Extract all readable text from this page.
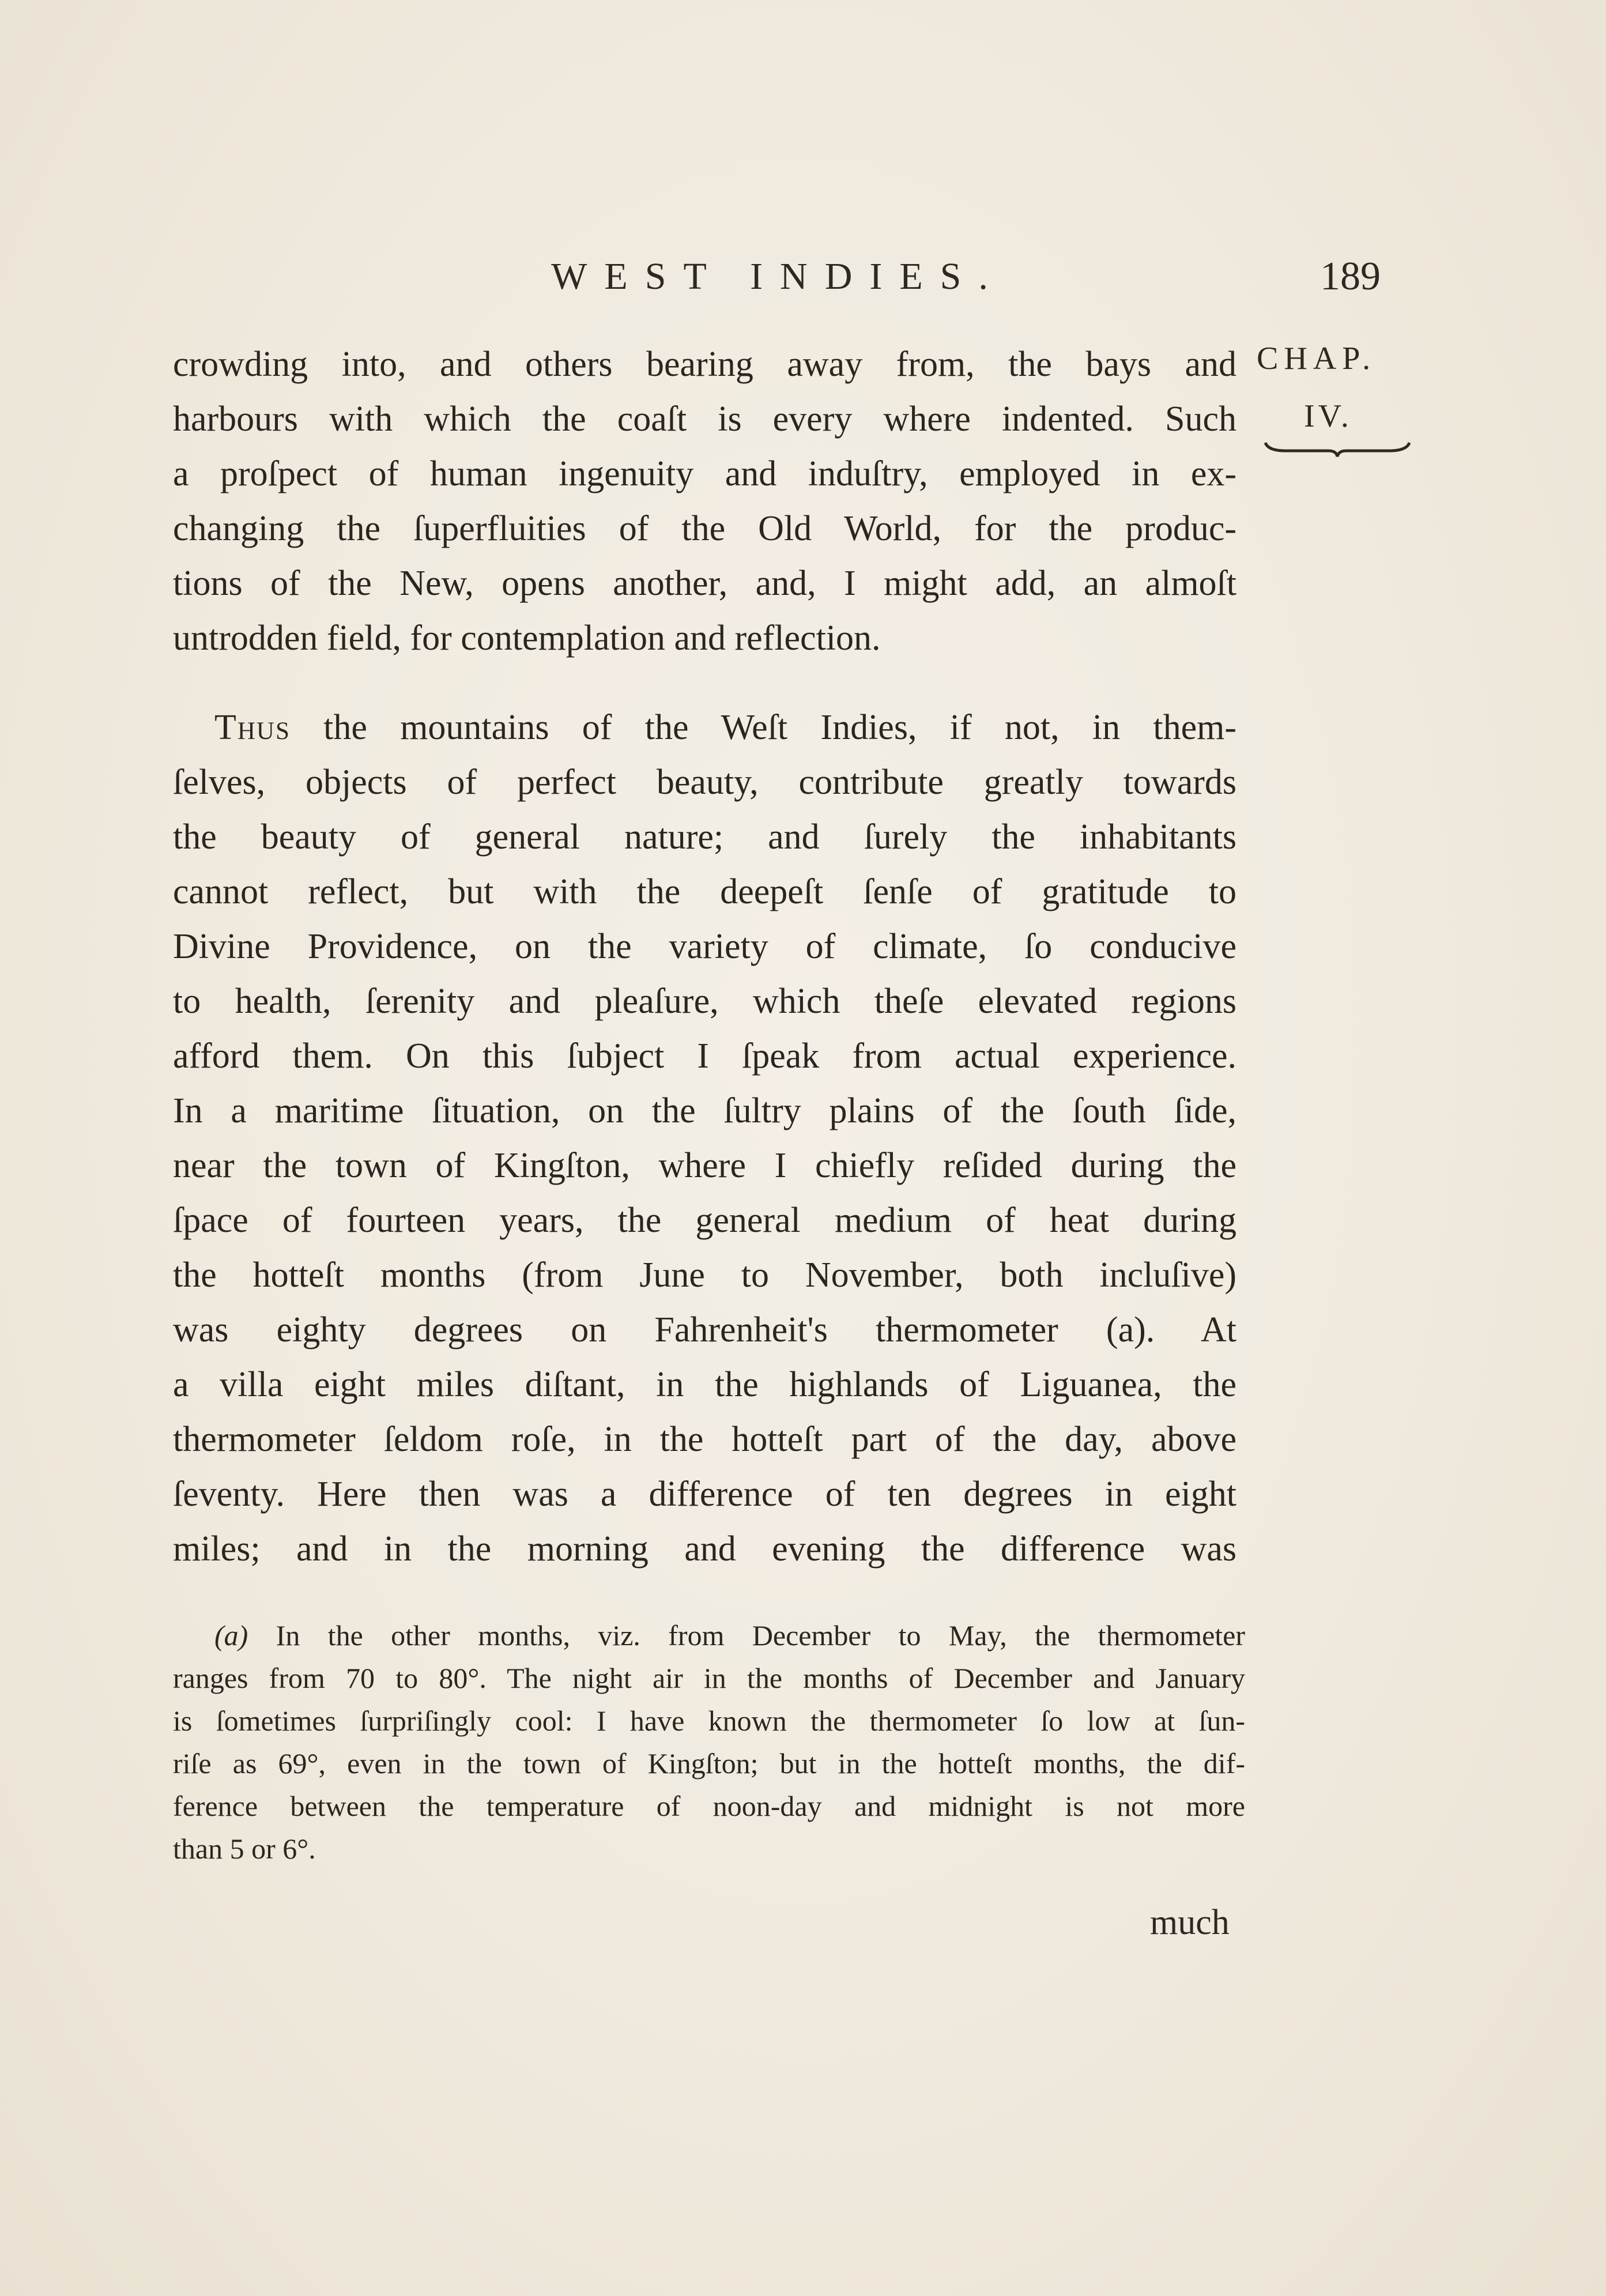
WEST INDIES.	189
CHAP.
IV.
crowding into, and others bearing away from, the bays and
harbours with which the coaſt is every where indented. Such
a proſpect of human ingenuity and induſtry, employed in ex-
changing the ſuperfluities of the Old World, for the produc-
tions of the New, opens another, and, I might add, an almoſt
untrodden field, for contemplation and reflection.
Thus the mountains of the Weſt Indies, if not, in them-
ſelves, objects of perfect beauty, contribute greatly towards
the beauty of general nature; and ſurely the inhabitants
cannot reflect, but with the deepeſt ſenſe of gratitude to
Divine Providence, on the variety of climate, ſo conducive
to health, ſerenity and pleaſure, which theſe elevated regions
afford them. On this ſubject I ſpeak from actual experience.
In a maritime ſituation, on the ſultry plains of the ſouth ſide,
near the town of Kingſton, where I chiefly reſided during the
ſpace of fourteen years, the general medium of heat during
the hotteſt months (from June to November, both incluſive)
was eighty degrees on Fahrenheit's thermometer (a). At
a villa eight miles diſtant, in the highlands of Liguanea, the
thermometer ſeldom roſe, in the hotteſt part of the day, above
ſeventy. Here then was a difference of ten degrees in eight
miles; and in the morning and evening the difference was
(a) In the other months, viz. from December to May, the thermometer
ranges from 70 to 80°. The night air in the months of December and January
is ſometimes ſurpriſingly cool: I have known the thermometer ſo low at ſun-
riſe as 69°, even in the town of Kingſton; but in the hotteſt months, the dif-
ference between the temperature of noon-day and midnight is not more
than 5 or 6°.
much
